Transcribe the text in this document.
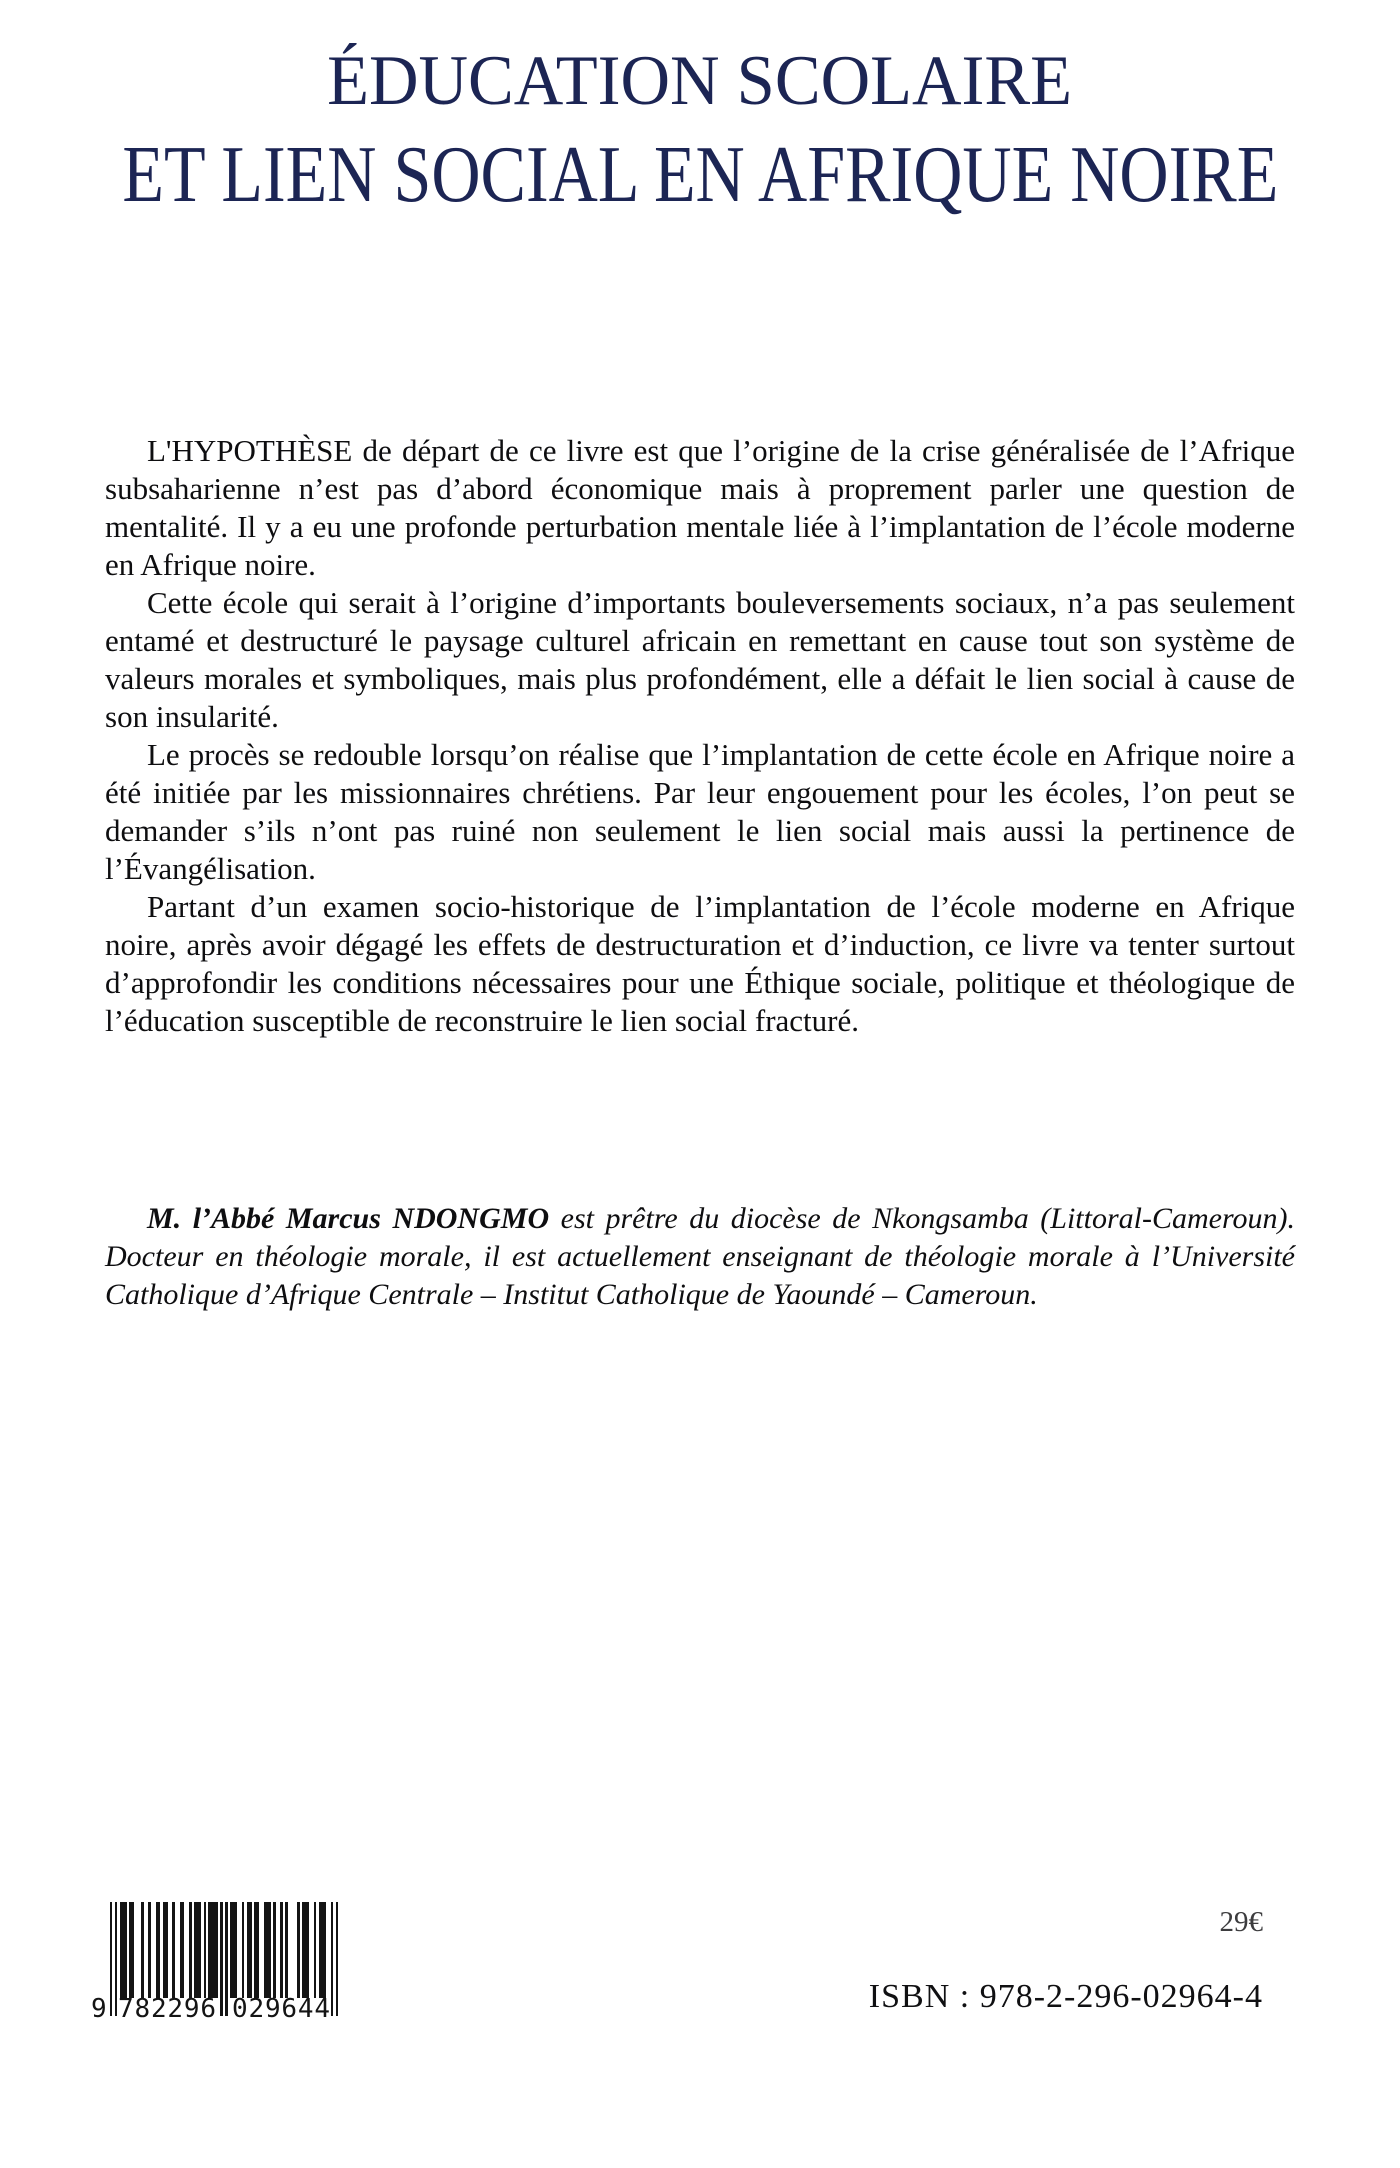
ÉDUCATION SCOLAIRE
ET LIEN SOCIAL EN AFRIQUE NOIRE

L'HYPOTHÈSE de départ de ce livre est que l’origine de la crise généralisée de l’Afrique subsaharienne n’est pas d’abord économique mais à proprement parler une question de mentalité. Il y a eu une profonde perturbation mentale liée à l’implantation de l’école moderne en Afrique noire.

Cette école qui serait à l’origine d’importants bouleversements sociaux, n’a pas seulement entamé et destructuré le paysage culturel africain en remettant en cause tout son système de valeurs morales et symboliques, mais plus profondément, elle a défait le lien social à cause de son insularité.

Le procès se redouble lorsqu’on réalise que l’implantation de cette école en Afrique noire a été initiée par les missionnaires chrétiens. Par leur engouement pour les écoles, l’on peut se demander s’ils n’ont pas ruiné non seulement le lien social mais aussi la pertinence de l’Évangélisation.

Partant d’un examen socio-historique de l’implantation de l’école moderne en Afrique noire, après avoir dégagé les effets de destructuration et d’induction, ce livre va tenter surtout d’approfondir les conditions nécessaires pour une Éthique sociale, politique et théologique de l’éducation susceptible de reconstruire le lien social fracturé.

M. l’Abbé Marcus NDONGMO est prêtre du diocèse de Nkongsamba (Littoral-Cameroun). Docteur en théologie morale, il est actuellement enseignant de théologie morale à l’Université Catholique d’Afrique Centrale – Institut Catholique de Yaoundé – Cameroun.

9 7 8 2 2 9 6 0 2 9 6 4 4
29€
ISBN : 978-2-296-02964-4
